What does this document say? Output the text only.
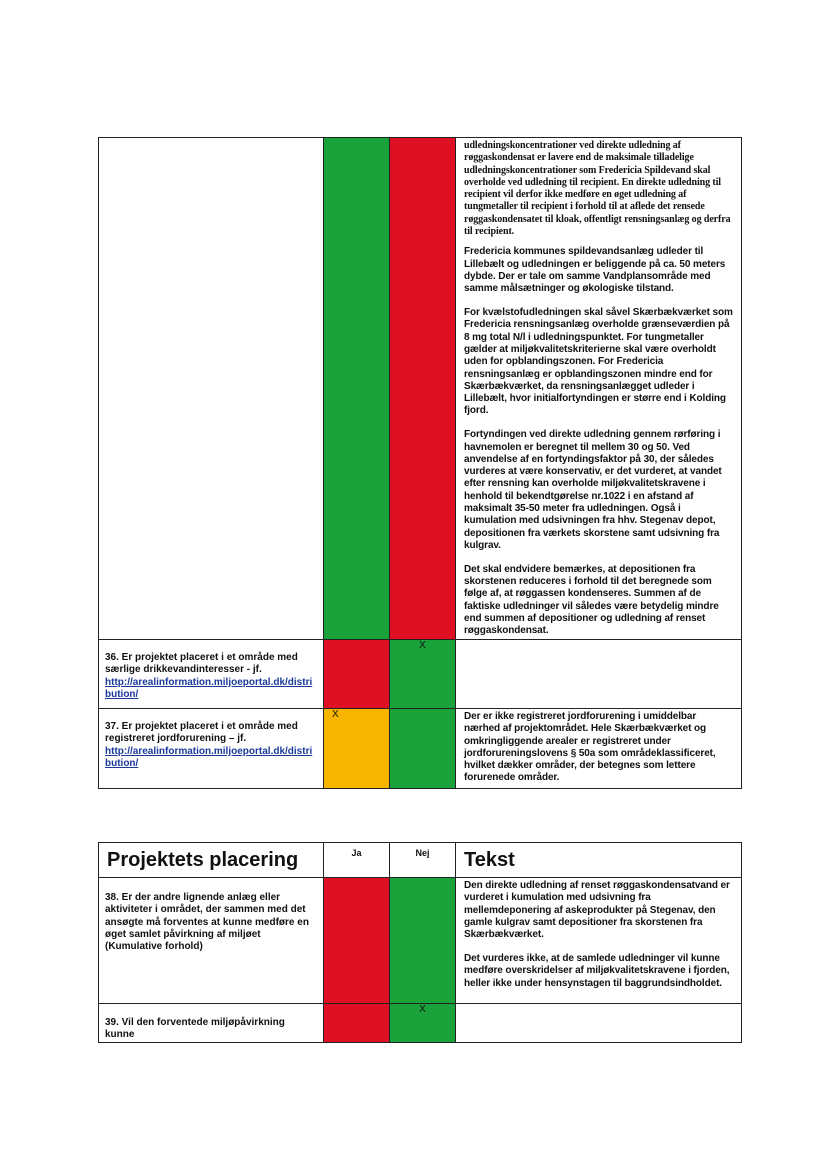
			udledningskoncentrationer ved direkte udledning af røggaskondensat er lavere end de maksimale tilladelige udledningskoncentrationer som Fredericia Spildevand skal overholde ved udledning til recipient. En direkte udledning til recipient vil derfor ikke medføre en øget udledning af tungmetaller til recipient i forhold til at aflede det rensede røggaskondensatet til kloak, offentligt rensningsanlæg og derfra til recipient.

Fredericia kommunes spildevandsanlæg udleder til Lillebælt og udledningen er beliggende på ca. 50 meters dybde. Der er tale om samme Vandplansområde med samme målsætninger og økologiske tilstand.

For kvælstofudledningen skal såvel Skærbækværket som Fredericia rensningsanlæg overholde grænseværdien på 8 mg total N/l i udledningspunktet. For tungmetaller gælder at miljøkvalitetskriterierne skal være overholdt uden for opblandingszonen. For Fredericia rensningsanlæg er opblandingszonen mindre end for Skærbækværket, da rensningsanlægget udleder i Lillebælt, hvor initialfortyndingen er større end i Kolding fjord.

Fortyndingen ved direkte udledning gennem rørføring i havnemolen er beregnet til mellem 30 og 50. Ved anvendelse af en fortyndingsfaktor på 30, der således vurderes at være konservativ, er det vurderet, at vandet efter rensning kan overholde miljøkvalitetskravene i henhold til bekendtgørelse nr.1022 i en afstand af maksimalt 35-50 meter fra udledningen. Også i kumulation med udsivningen fra hhv. Stegenav depot, depositionen fra værkets skorstene samt udsivning fra kulgrav.

Det skal endvidere bemærkes, at depositionen fra skorstenen reduceres i forhold til det beregnede som følge af, at røggassen kondenseres. Summen af de faktiske udledninger vil således være betydelig mindre end summen af depositioner og udledning af renset røggaskondensat.

36. Er projektet placeret i et område med særlige drikkevandinteresser - jf.
http://arealinformation.miljoeportal.dk/distribution/		X	

37. Er projektet placeret i et område med registreret jordforurening – jf.
http://arealinformation.miljoeportal.dk/distribution/	X		Der er ikke registreret jordforurening i umiddelbar nærhed af projektområdet. Hele Skærbækværket og omkringliggende arealer er registreret under jordforureningslovens § 50a som områdeklassificeret, hvilket dækker områder, der betegnes som lettere forurenede områder.
Projektets placering	Ja	Nej	Tekst
38. Er der andre lignende anlæg eller aktiviteter i området, der sammen med det ansøgte må forventes at kunne medføre en øget samlet påvirkning af miljøet (Kumulative forhold)			Den direkte udledning af renset røggaskondensatvand er vurderet i kumulation med udsivning fra mellemdeponering af askeprodukter på Stegenav, den gamle kulgrav samt depositioner fra skorstenen fra Skærbækværket.

Det vurderes ikke, at de samlede udledninger vil kunne medføre overskridelser af miljøkvalitetskravene i fjorden, heller ikke under hensynstagen til baggrundsindholdet.

39. Vil den forventede miljøpåvirkning kunne		X	
